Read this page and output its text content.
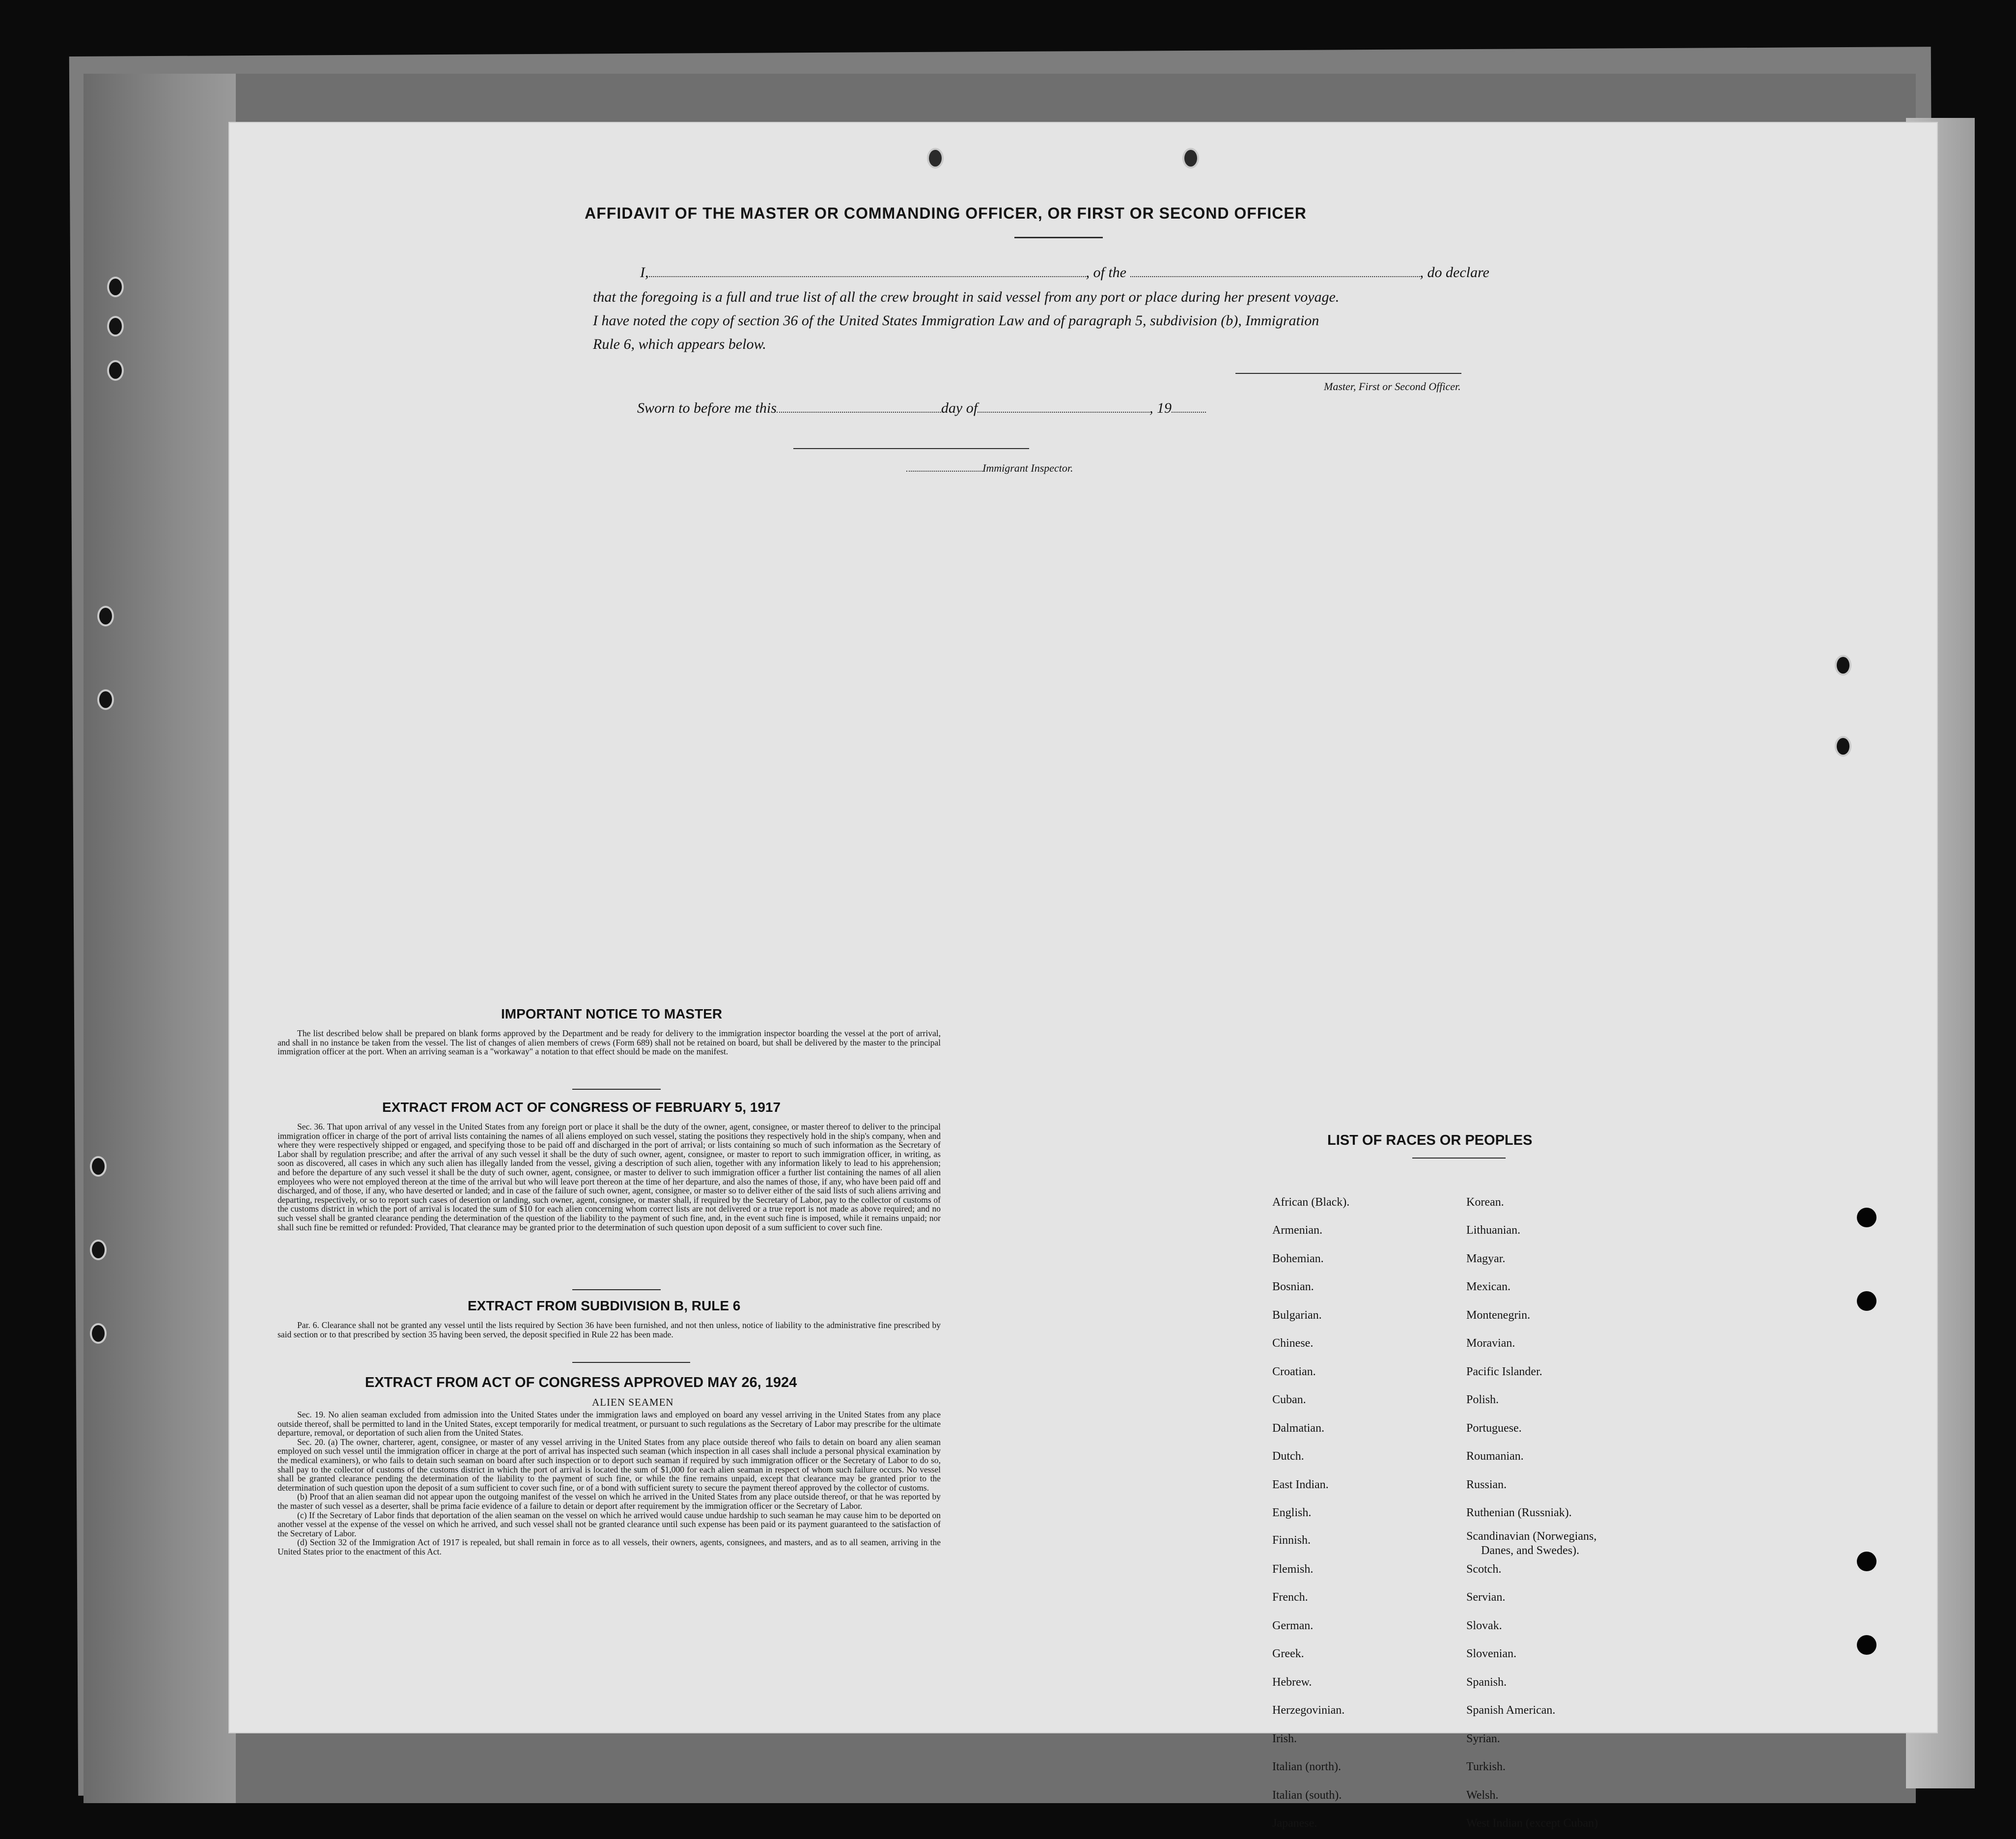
AFFIDAVIT OF THE MASTER OR COMMANDING OFFICER, OR FIRST OR SECOND OFFICER
I,	, of the	, do declare
that the foregoing is a full and true list of all the crew brought in said vessel from any port or place during her present voyage.
I have noted the copy of section 36 of the United States Immigration Law and of paragraph 5, subdivision (b), Immigration
Rule 6, which appears below.
Master, First or Second Officer.
Sworn to before me this	day of	, 19
Immigrant Inspector.
IMPORTANT NOTICE TO MASTER
The list described below shall be prepared on blank forms approved by the Department and be ready for delivery to the immigration inspector boarding the vessel at the port of arrival, and shall in no instance be taken from the vessel. The list of changes of alien members of crews (Form 689) shall not be retained on board, but shall be delivered by the master to the principal immigration officer at the port. When an arriving seaman is a "workaway" a notation to that effect should be made on the manifest.
EXTRACT FROM ACT OF CONGRESS OF FEBRUARY 5, 1917
Sec. 36. That upon arrival of any vessel in the United States from any foreign port or place it shall be the duty of the owner, agent, consignee, or master thereof to deliver to the principal immigration officer in charge of the port of arrival lists containing the names of all aliens employed on such vessel, stating the positions they respectively hold in the ship's company, when and where they were respectively shipped or engaged, and specifying those to be paid off and discharged in the port of arrival; or lists containing so much of such information as the Secretary of Labor shall by regulation prescribe; and after the arrival of any such vessel it shall be the duty of such owner, agent, consignee, or master to report to such immigration officer, in writing, as soon as discovered, all cases in which any such alien has illegally landed from the vessel, giving a description of such alien, together with any information likely to lead to his apprehension; and before the departure of any such vessel it shall be the duty of such owner, agent, consignee, or master to deliver to such immigration officer a further list containing the names of all alien employees who were not employed thereon at the time of the arrival but who will leave port thereon at the time of her departure, and also the names of those, if any, who have been paid off and discharged, and of those, if any, who have deserted or landed; and in case of the failure of such owner, agent, consignee, or master so to deliver either of the said lists of such aliens arriving and departing, respectively, or so to report such cases of desertion or landing, such owner, agent, consignee, or master shall, if required by the Secretary of Labor, pay to the collector of customs of the customs district in which the port of arrival is located the sum of $10 for each alien concerning whom correct lists are not delivered or a true report is not made as above required; and no such vessel shall be granted clearance pending the determination of the question of the liability to the payment of such fine, and, in the event such fine is imposed, while it remains unpaid; nor shall such fine be remitted or refunded: Provided, That clearance may be granted prior to the determination of such question upon deposit of a sum sufficient to cover such fine.
EXTRACT FROM SUBDIVISION B, RULE 6
Par. 6. Clearance shall not be granted any vessel until the lists required by Section 36 have been furnished, and not then unless, notice of liability to the administrative fine prescribed by said section or to that prescribed by section 35 having been served, the deposit specified in Rule 22 has been made.
EXTRACT FROM ACT OF CONGRESS APPROVED MAY 26, 1924
ALIEN SEAMEN
Sec. 19. No alien seaman excluded from admission into the United States under the immigration laws and employed on board any vessel arriving in the United States from any place outside thereof, shall be permitted to land in the United States, except temporarily for medical treatment, or pursuant to such regulations as the Secretary of Labor may prescribe for the ultimate departure, removal, or deportation of such alien from the United States.
Sec. 20. (a) The owner, charterer, agent, consignee, or master of any vessel arriving in the United States from any place outside thereof who fails to detain on board any alien seaman employed on such vessel until the immigration officer in charge at the port of arrival has inspected such seaman (which inspection in all cases shall include a personal physical examination by the medical examiners), or who fails to detain such seaman on board after such inspection or to deport such seaman if required by such immigration officer or the Secretary of Labor to do so, shall pay to the collector of customs of the customs district in which the port of arrival is located the sum of $1,000 for each alien seaman in respect of whom such failure occurs. No vessel shall be granted clearance pending the determination of the liability to the payment of such fine, or while the fine remains unpaid, except that clearance may be granted prior to the determination of such question upon the deposit of a sum sufficient to cover such fine, or of a bond with sufficient surety to secure the payment thereof approved by the collector of customs.
(b) Proof that an alien seaman did not appear upon the outgoing manifest of the vessel on which he arrived in the United States from any place outside thereof, or that he was reported by the master of such vessel as a deserter, shall be prima facie evidence of a failure to detain or deport after requirement by the immigration officer or the Secretary of Labor.
(c) If the Secretary of Labor finds that deportation of the alien seaman on the vessel on which he arrived would cause undue hardship to such seaman he may cause him to be deported on another vessel at the expense of the vessel on which he arrived, and such vessel shall not be granted clearance until such expense has been paid or its payment guaranteed to the satisfaction of the Secretary of Labor.
(d) Section 32 of the Immigration Act of 1917 is repealed, but shall remain in force as to all vessels, their owners, agents, consignees, and masters, and as to all seamen, arriving in the United States prior to the enactment of this Act.
LIST OF RACES OR PEOPLES
African (Black).
Armenian.
Bohemian.
Bosnian.
Bulgarian.
Chinese.
Croatian.
Cuban.
Dalmatian.
Dutch.
East Indian.
English.
Finnish.
Flemish.
French.
German.
Greek.
Hebrew.
Herzegovinian.
Irish.
Italian (north).
Italian (south).
Japanese.
Korean.
Lithuanian.
Magyar.
Mexican.
Montenegrin.
Moravian.
Pacific Islander.
Polish.
Portuguese.
Roumanian.
Russian.
Ruthenian (Russniak).
Scandinavian (Norwegians,
Danes, and Swedes).
Scotch.
Servian.
Slovak.
Slovenian.
Spanish.
Spanish American.
Syrian.
Turkish.
Welsh.
West Indian (except Cuban)
